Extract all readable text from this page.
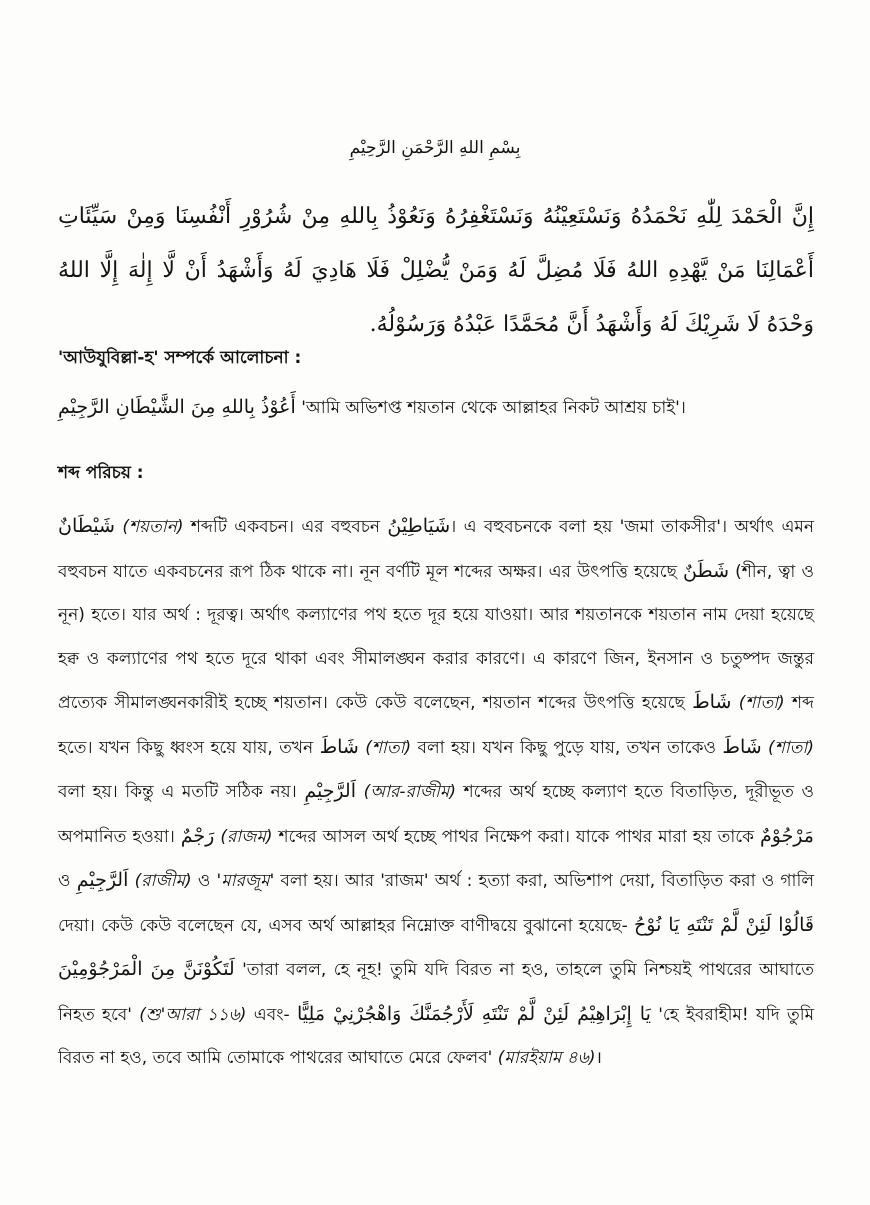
بِسْمِ اللهِ الرَّحْمَنِ الرَّحِيْمِ
إِنَّ الْحَمْدَ لِلّٰهِ نَحْمَدُهُ وَنَسْتَعِيْنُهُ وَنَسْتَغْفِرُهُ وَنَعُوْذُ بِاللهِ مِنْ شُرُوْرِ أَنْفُسِنَا وَمِنْ سَيِّئَاتِ أَعْمَالِنَا مَنْ يَّهْدِهِ اللهُ فَلَا مُضِلَّ لَهُ وَمَنْ يُّضْلِلْ فَلَا هَادِيَ لَهُ وَأَشْهَدُ أَنْ لَّا إِلٰهَ إِلَّا اللهُ وَحْدَهُ لَا شَرِيْكَ لَهُ وَأَشْهَدُ أَنَّ مُحَمَّدًا عَبْدُهُ وَرَسُوْلُهُ.
'আউযুবিল্লা-হ' সম্পর্কে আলোচনা :
أَعُوْذُ بِاللهِ مِنَ الشَّيْطَانِ الرَّجِيْمِ 'আমি অভিশপ্ত শয়তান থেকে আল্লাহর নিকট আশ্রয় চাই'।
শব্দ পরিচয় :

شَيْطَانٌ (শয়তান) শব্দটি একবচন। এর বহুবচন شَيَاطِيْنُ। এ বহুবচনকে বলা হয় 'জমা তাকসীর'। অর্থাৎ এমন বহুবচন যাতে একবচনের রূপ ঠিক থাকে না। নূন বর্ণটি মূল শব্দের অক্ষর। এর উৎপত্তি হয়েছে شَطَنٌ (শীন, ত্বা ও নূন) হতে। যার অর্থ : দূরত্ব। অর্থাৎ কল্যাণের পথ হতে দূর হয়ে যাওয়া। আর শয়তানকে শয়তান নাম দেয়া হয়েছে হক্ব ও কল্যাণের পথ হতে দূরে থাকা এবং সীমালঙ্ঘন করার কারণে। এ কারণে জিন, ইনসান ও চতুষ্পদ জন্তুর প্রত্যেক সীমালঙ্ঘনকারীই হচ্ছে শয়তান। কেউ কেউ বলেছেন, শয়তান শব্দের উৎপত্তি হয়েছে شَاطَ (শাতা) শব্দ হতে। যখন কিছু ধ্বংস হয়ে যায়, তখন شَاطَ (শাতা) বলা হয়। যখন কিছু পুড়ে যায়, তখন তাকেও شَاطَ (শাতা) বলা হয়। কিন্তু এ মতটি সঠিক নয়। اَلرَّجِيْمِ (আর-রাজীম) শব্দের অর্থ হচ্ছে কল্যাণ হতে বিতাড়িত, দূরীভূত ও অপমানিত হওয়া। رَجْمٌ (রাজম) শব্দের আসল অর্থ হচ্ছে পাথর নিক্ষেপ করা। যাকে পাথর মারা হয় তাকে مَرْجُوْمٌ ও اَلرَّجِيْمِ (রাজীম) ও 'মারজূম' বলা হয়। আর 'রাজম' অর্থ : হত্যা করা, অভিশাপ দেয়া, বিতাড়িত করা ও গালি দেয়া। কেউ কেউ বলেছেন যে, এসব অর্থ আল্লাহর নিম্নোক্ত বাণীদ্বয়ে বুঝানো হয়েছে- قَالُوْا لَئِنْ لَّمْ تَنْتَهِ يَا نُوْحُ لَتَكُوْنَنَّ مِنَ الْمَرْجُوْمِيْنَ 'তারা বলল, হে নূহ! তুমি যদি বিরত না হও, তাহলে তুমি নিশ্চয়ই পাথরের আঘাতে নিহত হবে' (শু'আরা ১১৬) এবং- يَا إِبْرَاهِيْمُ لَئِنْ لَّمْ تَنْتَهِ لَأَرْجُمَنَّكَ وَاهْجُرْنِيْ مَلِيًّا 'হে ইবরাহীম! যদি তুমি বিরত না হও, তবে আমি তোমাকে পাথরের আঘাতে মেরে ফেলব' (মারইয়াম ৪৬)।
